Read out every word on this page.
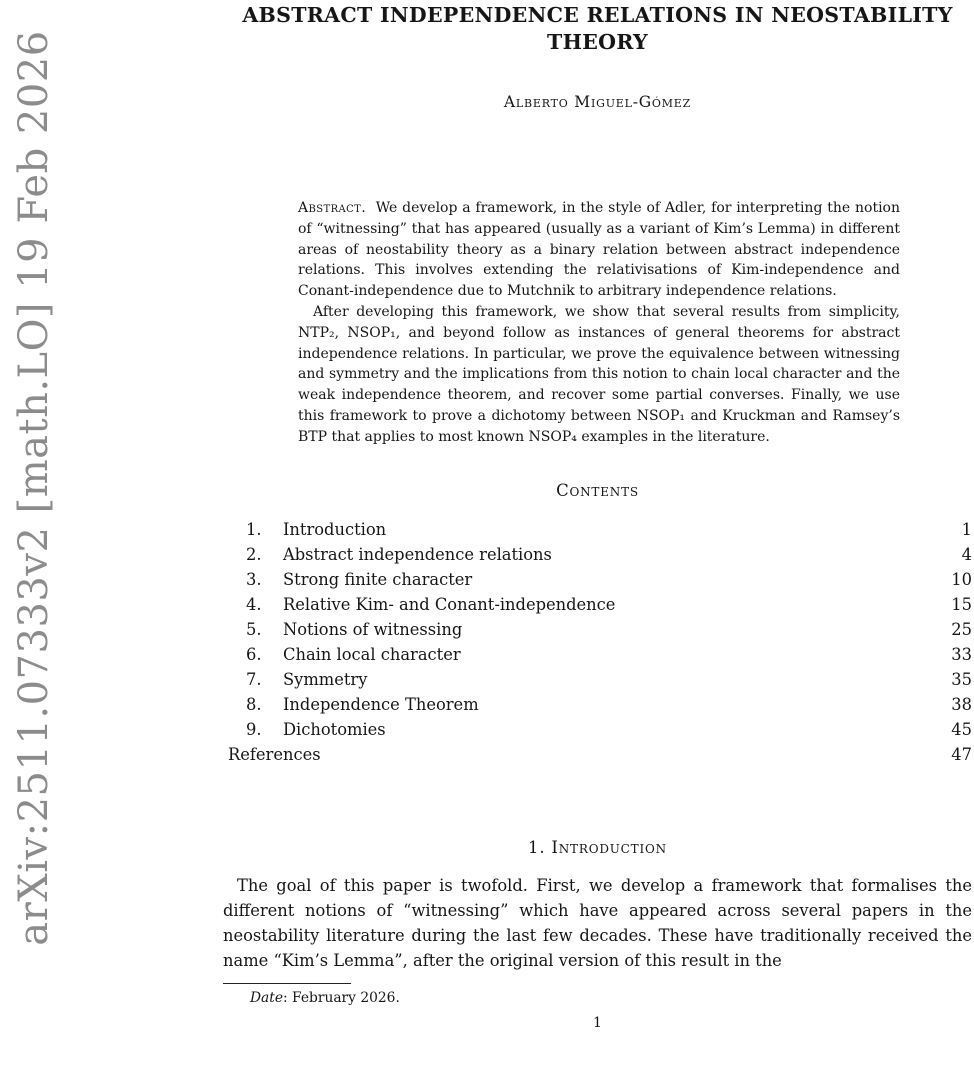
arXiv:2511.07333v2 [math.LO] 19 Feb 2026
ABSTRACT INDEPENDENCE RELATIONS IN NEOSTABILITY
THEORY
Alberto Miguel-Gómez

Abstract. We develop a framework, in the style of Adler, for interpreting the notion of “witnessing” that has appeared (usually as a variant of Kim’s Lemma) in different areas of neostability theory as a binary relation between abstract independence relations. This involves extending the relativisations of Kim-independence and Conant-independence due to Mutchnik to arbitrary independence relations.

After developing this framework, we show that several results from simplicity, NTP₂, NSOP₁, and beyond follow as instances of general theorems for abstract independence relations. In particular, we prove the equivalence between witnessing and symmetry and the implications from this notion to chain local character and the weak independence theorem, and recover some partial converses. Finally, we use this framework to prove a dichotomy between NSOP₁ and Kruckman and Ramsey’s BTP that applies to most known NSOP₄ examples in the literature.

Contents
1.	Introduction	1
2.	Abstract independence relations	4
3.	Strong finite character	10
4.	Relative Kim- and Conant-independence	15
5.	Notions of witnessing	25
6.	Chain local character	33
7.	Symmetry	35
8.	Independence Theorem	38
9.	Dichotomies	45
References	47
1. Introduction

The goal of this paper is twofold. First, we develop a framework that formalises the different notions of “witnessing” which have appeared across several papers in the neostability literature during the last few decades. These have traditionally received the name “Kim’s Lemma”, after the original version of this result in the

Date: February 2026.
1
